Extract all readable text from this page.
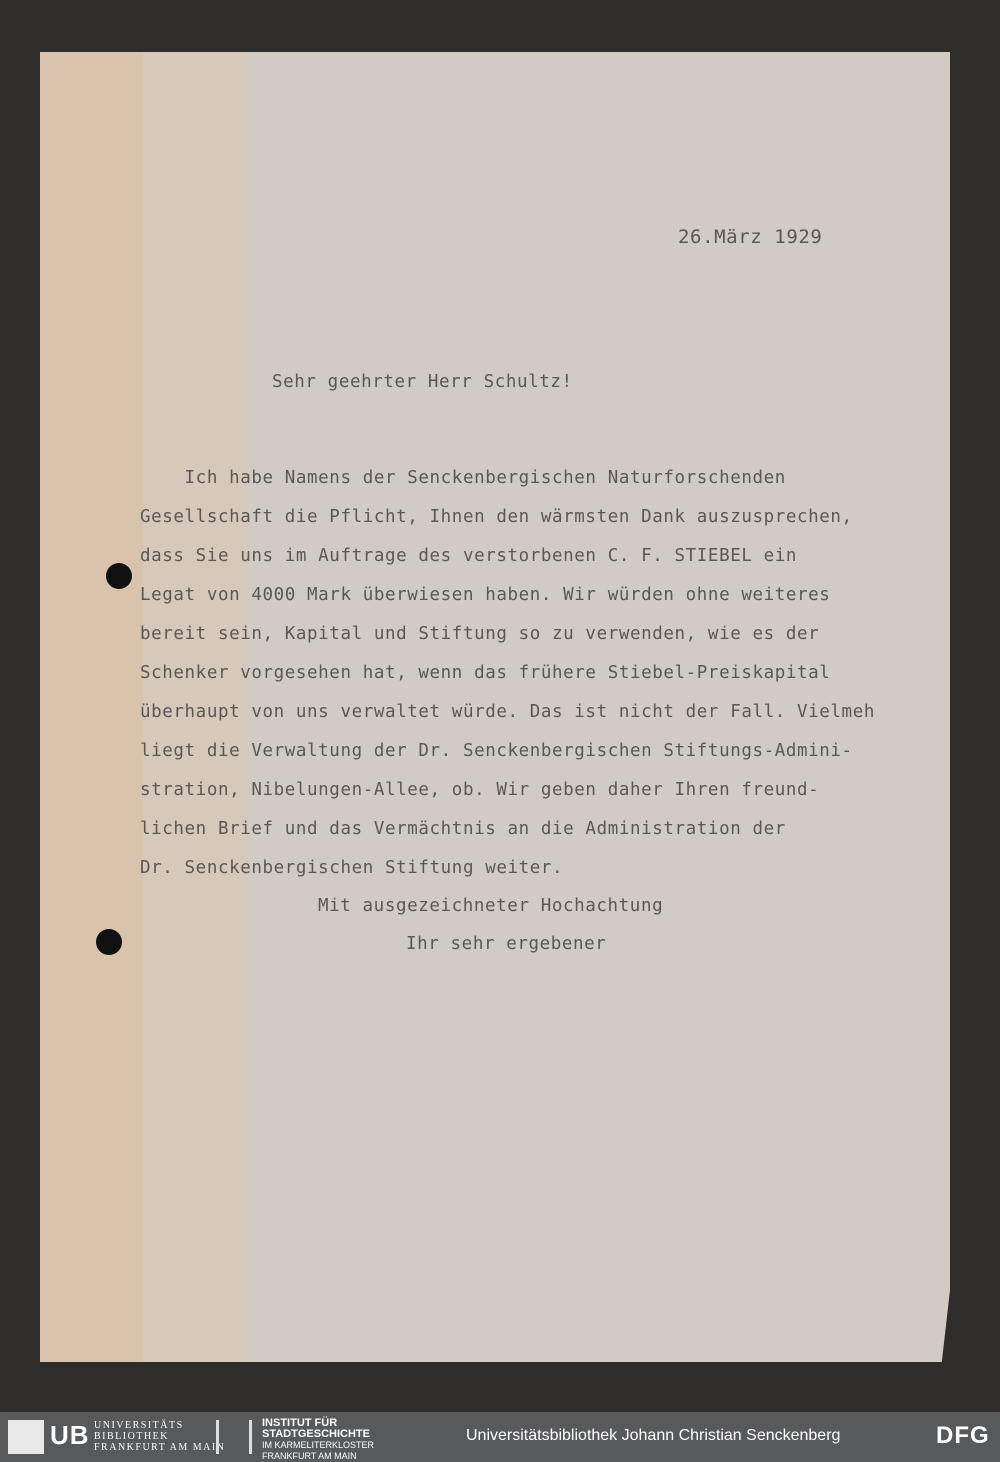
26.März 1929
Sehr geehrter Herr Schultz!
Ich habe Namens der Senckenbergischen Naturforschenden
Gesellschaft die Pflicht, Ihnen den wärmsten Dank auszusprechen,
dass Sie uns im Auftrage des verstorbenen C. F. STIEBEL ein
Legat von 4000 Mark überwiesen haben. Wir würden ohne weiteres
bereit sein, Kapital und Stiftung so zu verwenden, wie es der
Schenker vorgesehen hat, wenn das frühere Stiebel-Preiskapital
überhaupt von uns verwaltet würde. Das ist nicht der Fall. Vielmeh
liegt die Verwaltung der Dr. Senckenbergischen Stiftungs-Admini-
stration, Nibelungen-Allee, ob. Wir geben daher Ihren freund-
lichen Brief und das Vermächtnis an die Administration der
Dr. Senckenbergischen Stiftung weiter.
Mit ausgezeichneter Hochachtung
Ihr sehr ergebener
UB UNIVERSITÄTS
BIBLIOTHEK
FRANKFURT AM MAIN
INSTITUT FÜR
STADTGESCHICHTE
IM KARMELITERKLOSTER
FRANKFURT AM MAIN
Universitätsbibliothek Johann Christian Senckenberg	DFG
